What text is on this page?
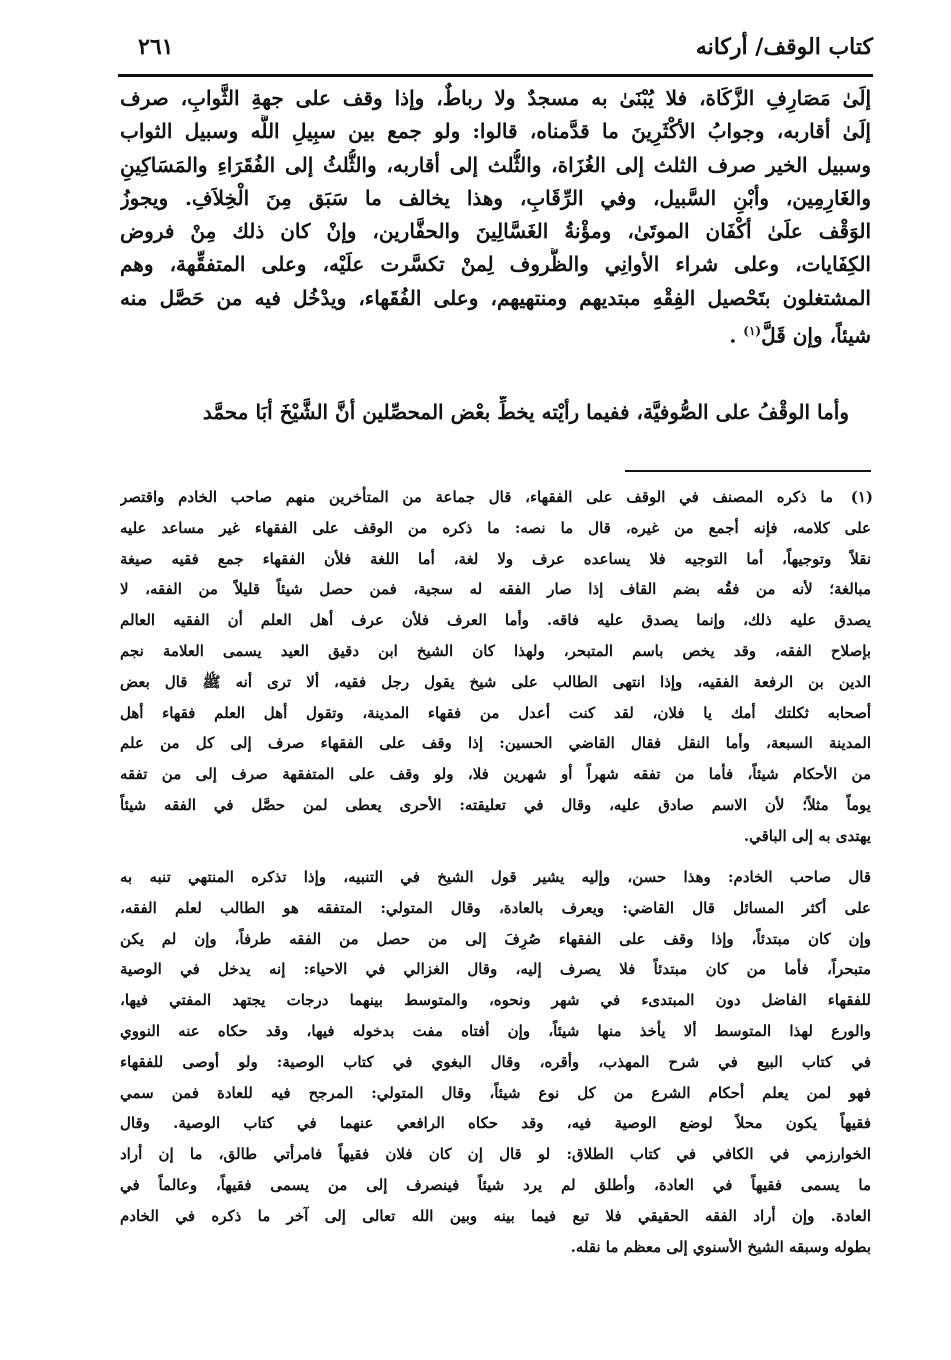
كتاب الوقف/ أركانه
٢٦١
إلَىٰ مَصَارِفِ الزَّكَاة، فلا يُبْنَىٰ به مسجدٌ ولا رباطٌ، وإذا وقف على جهةِ الثَّوابِ، صرف
إلَىٰ أقاربه، وجوابُ الأكْثَرِينَ ما قدَّمناه، قالوا: ولو جمع بين سبِيلِ اللَّه وسبيل الثواب
وسبيل الخير صرف الثلث إلى الغُزَاة، والثُّلث إلى أقاربه، والثُّلثُ إلى الفُقَرَاءِ والمَسَاكِينِ
والغَارِمِين، وأبْنِ السَّبيل، وفي الرِّقَابِ، وهذا يخالف ما سَبَق مِنَ الْخِلاَفِ. ويجوزُ
الوَقْف علَىٰ أكْفَان الموتَىٰ، ومؤْنةُ الغَسَّالِينَ والحفَّارين، وإنْ كان ذلك مِنْ فروض
الكِفَايات، وعلى شراء الأوانِي والظُّروف لِمنْ تكسَّرت علَيْه، وعلى المتفقِّهة، وهم
المشتغلون بتَحْصيل الفِقْهِ مبتديهم ومنتهيهم، وعلى الفُقَهاء، ويدْخُل فيه من حَصَّل منه
شيئاً، وإن قَلَّ$^{(١)}$ .
وأما الوقْفُ على الصُّوفيَّة، ففيما رأيْته يخطِّ بعْض المحصِّلين أنَّ الشَّيْخَ أبَا محمَّد
(١)
ما ذكره المصنف في الوقف على الفقهاء، قال جماعة من المتأخرين منهم صاحب الخادم واقتصر
على كلامه، فإنه أجمع من غيره، قال ما نصه: ما ذكره من الوقف على الفقهاء غير مساعد عليه
نقلاً وتوجيهاً، أما التوجيه فلا يساعده عرف ولا لغة، أما اللغة فلأن الفقهاء جمع فقيه صيغة
مبالغة؛ لأنه من فقُه بضم القاف إذا صار الفقه له سجية، فمن حصل شيئاً قليلاً من الفقه، لا
يصدق عليه ذلك، وإنما يصدق عليه فاقه. وأما العرف فلأن عرف أهل العلم أن الفقيه العالم
بإصلاح الفقه، وقد يخص باسم المتبحر، ولهذا كان الشيخ ابن دقيق العيد يسمى العلامة نجم
الدين بن الرفعة الفقيه، وإذا انتهى الطالب على شيخ يقول رجل فقيه، ألا ترى أنه ﷺ قال بعض
أصحابه ثكلتك أمك يا فلان، لقد كنت أعدل من فقهاء المدينة، وتقول أهل العلم فقهاء أهل
المدينة السبعة، وأما النقل فقال القاضي الحسين: إذا وقف على الفقهاء صرف إلى كل من علم
من الأحكام شيئاً، فأما من تفقه شهراً أو شهرين فلا، ولو وقف على المتفقهة صرف إلى من تفقه
يوماً مثلاً؛ لأن الاسم صادق عليه، وقال في تعليقته: الأحرى يعطى لمن حصَّل في الفقه شيئاً
يهتدى به إلى الباقي.
قال صاحب الخادم: وهذا حسن، وإليه يشير قول الشيخ في التنبيه، وإذا تذكره المنتهي تنبه به
على أكثر المسائل قال القاضي: ويعرف بالعادة، وقال المتولي: المتفقه هو الطالب لعلم الفقه،
وإن كان مبتدئاً، وإذا وقف على الفقهاء صُرِفَ إلى من حصل من الفقه طرفاً، وإن لم يكن
متبحراً، فأما من كان مبتدئاً فلا يصرف إليه، وقال الغزالي في الاحياء: إنه يدخل في الوصية
للفقهاء الفاضل دون المبتدىء في شهر ونحوه، والمتوسط بينهما درجات يجتهد المفتي فيها،
والورع لهذا المتوسط ألا يأخذ منها شيئاً، وإن أفتاه مفت بدخوله فيها، وقد حكاه عنه النووي
في كتاب البيع في شرح المهذب، وأقره، وقال البغوي في كتاب الوصية: ولو أوصى للفقهاء
فهو لمن يعلم أحكام الشرع من كل نوع شيئاً، وقال المتولي: المرجح فيه للعادة فمن سمي
فقيهاً يكون محلاً لوضع الوصية فيه، وقد حكاه الرافعي عنهما في كتاب الوصية. وقال
الخوارزمي في الكافي في كتاب الطلاق: لو قال إن كان فلان فقيهاً فامرأتي طالق، ما إن أراد
ما يسمى فقيهاً في العادة، وأطلق لم يرد شيئاً فينصرف إلى من يسمى فقيهاً، وعالماً في
العادة. وإن أراد الفقه الحقيقي فلا تبع فيما بينه وبين الله تعالى إلى آخر ما ذكره في الخادم
بطوله وسبقه الشيخ الأسنوي إلى معظم ما نقله.
